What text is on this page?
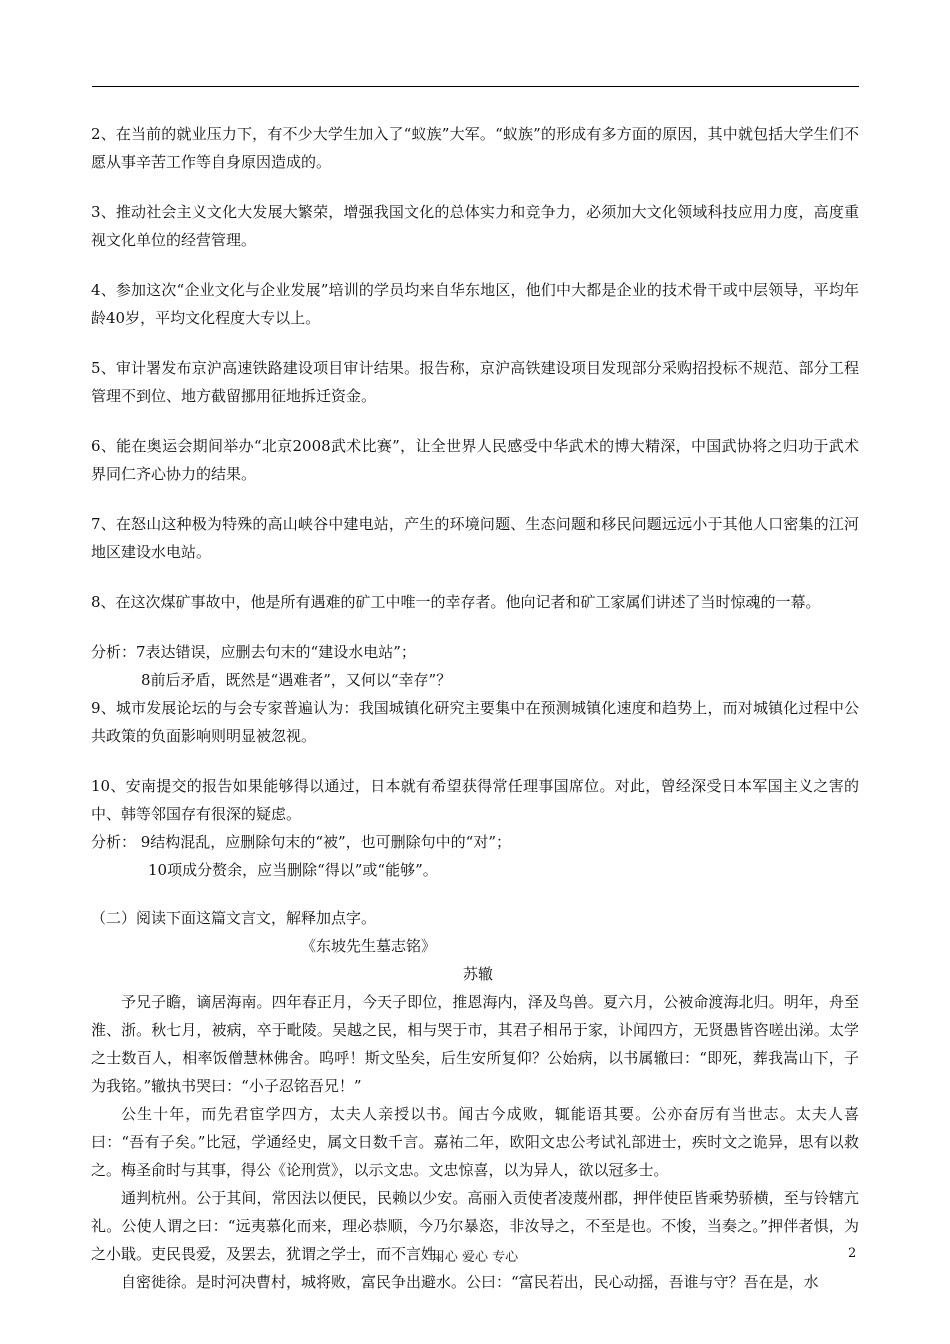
2、在当前的就业压力下，有不少大学生加入了“蚁族”大军。“蚁族”的形成有多方面的原因，其中就包括大学生们不愿从事辛苦工作等自身原因造成的。

3、推动社会主义文化大发展大繁荣，增强我国文化的总体实力和竞争力，必须加大文化领域科技应用力度，高度重视文化单位的经营管理。

4、参加这次“企业文化与企业发展”培训的学员均来自华东地区，他们中大都是企业的技术骨干或中层领导，平均年龄40岁，平均文化程度大专以上。

5、审计署发布京沪高速铁路建设项目审计结果。报告称，京沪高铁建设项目发现部分采购招投标不规范、部分工程管理不到位、地方截留挪用征地拆迁资金。

6、能在奥运会期间举办“北京2008武术比赛”，让全世界人民感受中华武术的博大精深，中国武协将之归功于武术界同仁齐心协力的结果。

7、在怒山这种极为特殊的高山峡谷中建电站，产生的环境问题、生态问题和移民问题远远小于其他人口密集的江河地区建设水电站。

8、在这次煤矿事故中，他是所有遇难的矿工中唯一的幸存者。他向记者和矿工家属们讲述了当时惊魂的一幕。

分析：7表达错误，应删去句末的“建设水电站”；

8前后矛盾，既然是“遇难者”，又何以“幸存”？

9、城市发展论坛的与会专家普遍认为：我国城镇化研究主要集中在预测城镇化速度和趋势上，而对城镇化过程中公共政策的负面影响则明显被忽视。

10、安南提交的报告如果能够得以通过，日本就有希望获得常任理事国席位。对此，曾经深受日本军国主义之害的中、韩等邻国存有很深的疑虑。

分析： 9结构混乱，应删除句末的“被”，也可删除句中的“对”；

10项成分赘余，应当删除“得以”或“能够”。

（二）阅读下面这篇文言文，解释加点字。

《东坡先生墓志铭》

苏辙

予兄子瞻，谪居海南。四年春正月，今天子即位，推恩海内，泽及鸟兽。夏六月，公被命渡海北归。明年，舟至淮、浙。秋七月，被病，卒于毗陵。吴越之民，相与哭于市，其君子相吊于家，讣闻四方，无贤愚皆咨嗟出涕。太学之士数百人，相率饭僧慧林佛舍。呜呼！斯文坠矣，后生安所复仰？公始病，以书属辙曰：“即死，葬我嵩山下，子为我铭。”辙执书哭曰：“小子忍铭吾兄！”

公生十年，而先君宦学四方，太夫人亲授以书。闻古今成败，辄能语其要。公亦奋厉有当世志。太夫人喜曰：“吾有子矣。”比冠，学通经史，属文日数千言。嘉祐二年，欧阳文忠公考试礼部进士，疾时文之诡异，思有以救之。梅圣俞时与其事，得公《论刑赏》，以示文忠。文忠惊喜，以为异人，欲以冠多士。

通判杭州。公于其间，常因法以便民，民赖以少安。高丽入贡使者凌蔑州郡，押伴使臣皆乘势骄横，至与铃辖亢礼。公使人谓之曰：“远夷慕化而来，理必恭顺，今乃尔暴恣，非汝导之，不至是也。不悛，当奏之。”押伴者惧，为之小戢。吏民畏爱，及罢去，犹谓之学士，而不言姓。

自密徙徐。是时河决曹村，城将败，富民争出避水。公曰：“富民若出，民心动摇，吾谁与守？吾在是，水

用心 爱心 专心	2
